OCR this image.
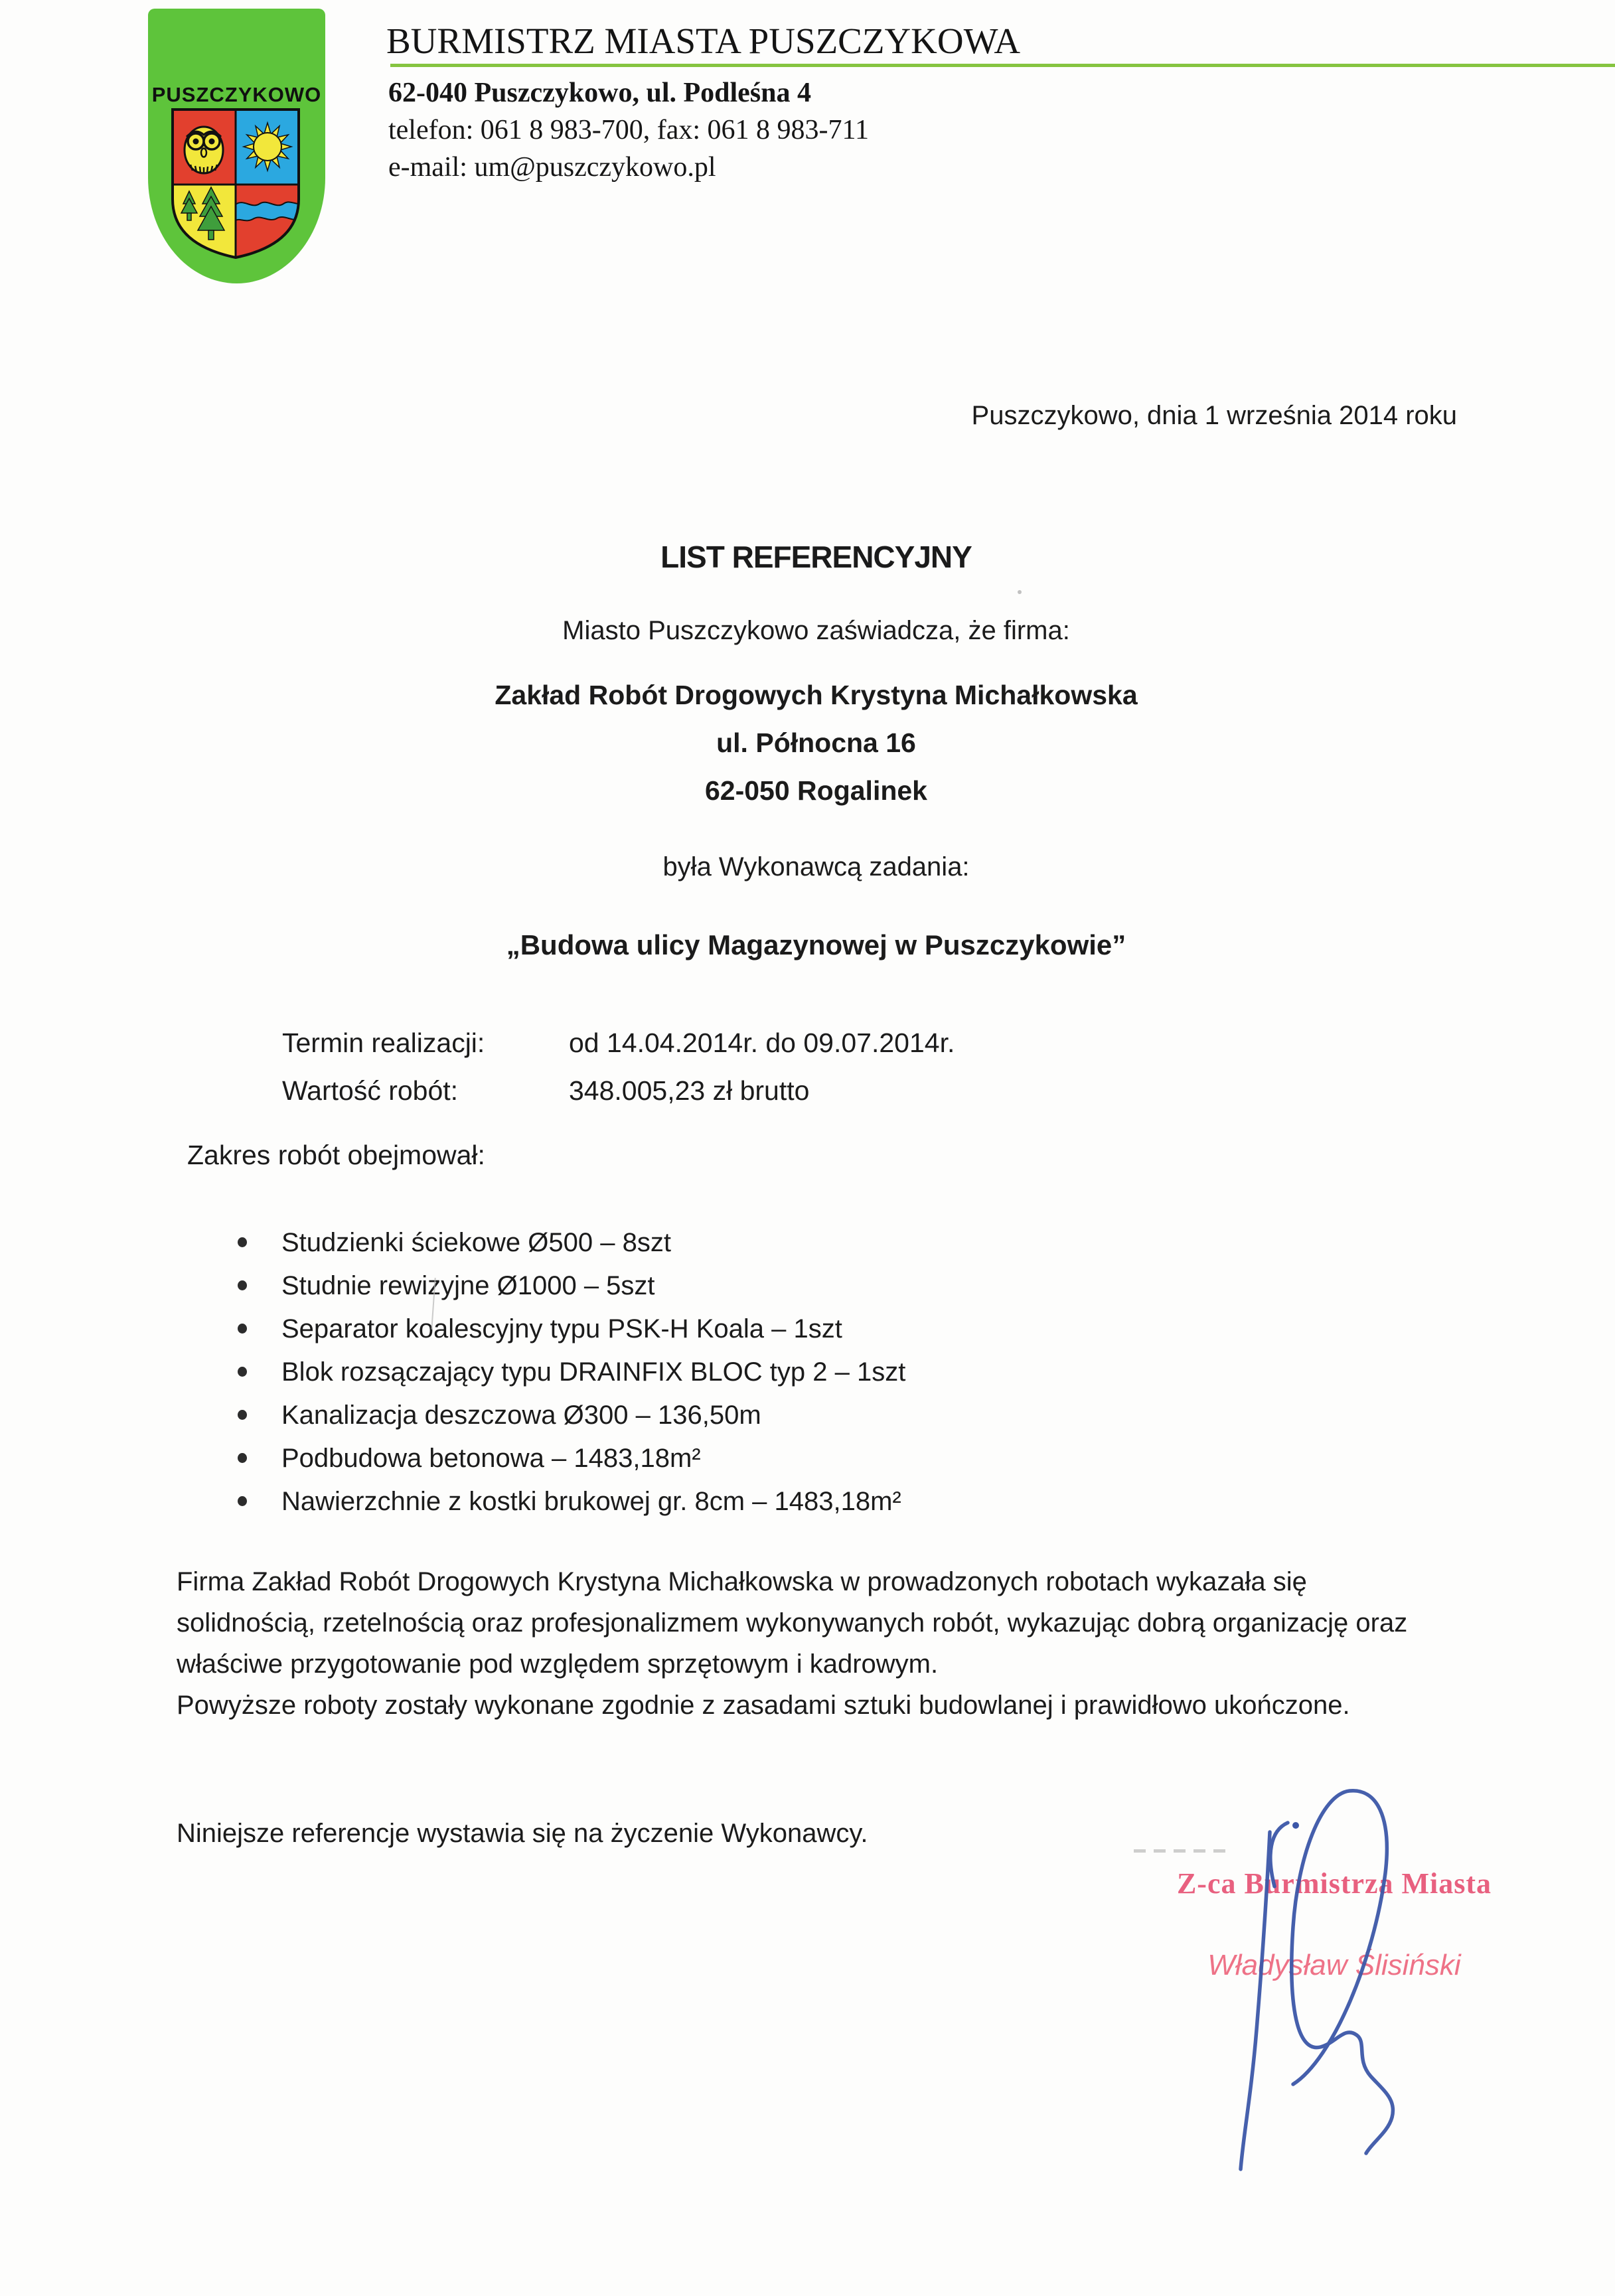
PUSZCZYKOWO
BURMISTRZ MIASTA PUSZCZYKOWA
62-040 Puszczykowo, ul. Podleśna 4
telefon: 061 8 983-700, fax: 061 8 983-711
e-mail: um@puszczykowo.pl
Puszczykowo, dnia 1 września 2014 roku
LIST REFERENCYJNY
Miasto Puszczykowo zaświadcza, że firma:
Zakład Robót Drogowych Krystyna Michałkowska
ul. Północna 16
62-050 Rogalinek
była Wykonawcą zadania:
„Budowa ulicy Magazynowej w Puszczykowie”
Termin realizacji:	od 14.04.2014r. do 09.07.2014r.
Wartość robót:	348.005,23 zł brutto
Zakres robót obejmował:
Studzienki ściekowe Ø500 – 8szt
Studnie rewizyjne Ø1000 – 5szt
Separator koalescyjny typu PSK-H Koala – 1szt
Blok rozsączający typu DRAINFIX BLOC typ 2 – 1szt
Kanalizacja deszczowa Ø300 – 136,50m
Podbudowa betonowa – 1483,18m²
Nawierzchnie z kostki brukowej gr. 8cm – 1483,18m²
Firma Zakład Robót Drogowych Krystyna Michałkowska w prowadzonych robotach wykazała się
solidnością, rzetelnością oraz profesjonalizmem wykonywanych robót, wykazując dobrą organizację oraz
właściwe przygotowanie pod względem sprzętowym i kadrowym.
Powyższe roboty zostały wykonane zgodnie z zasadami sztuki budowlanej i prawidłowo ukończone.
Niniejsze referencje wystawia się na życzenie Wykonawcy.
Z-ca Burmistrza Miasta
Władysław Ślisiński
